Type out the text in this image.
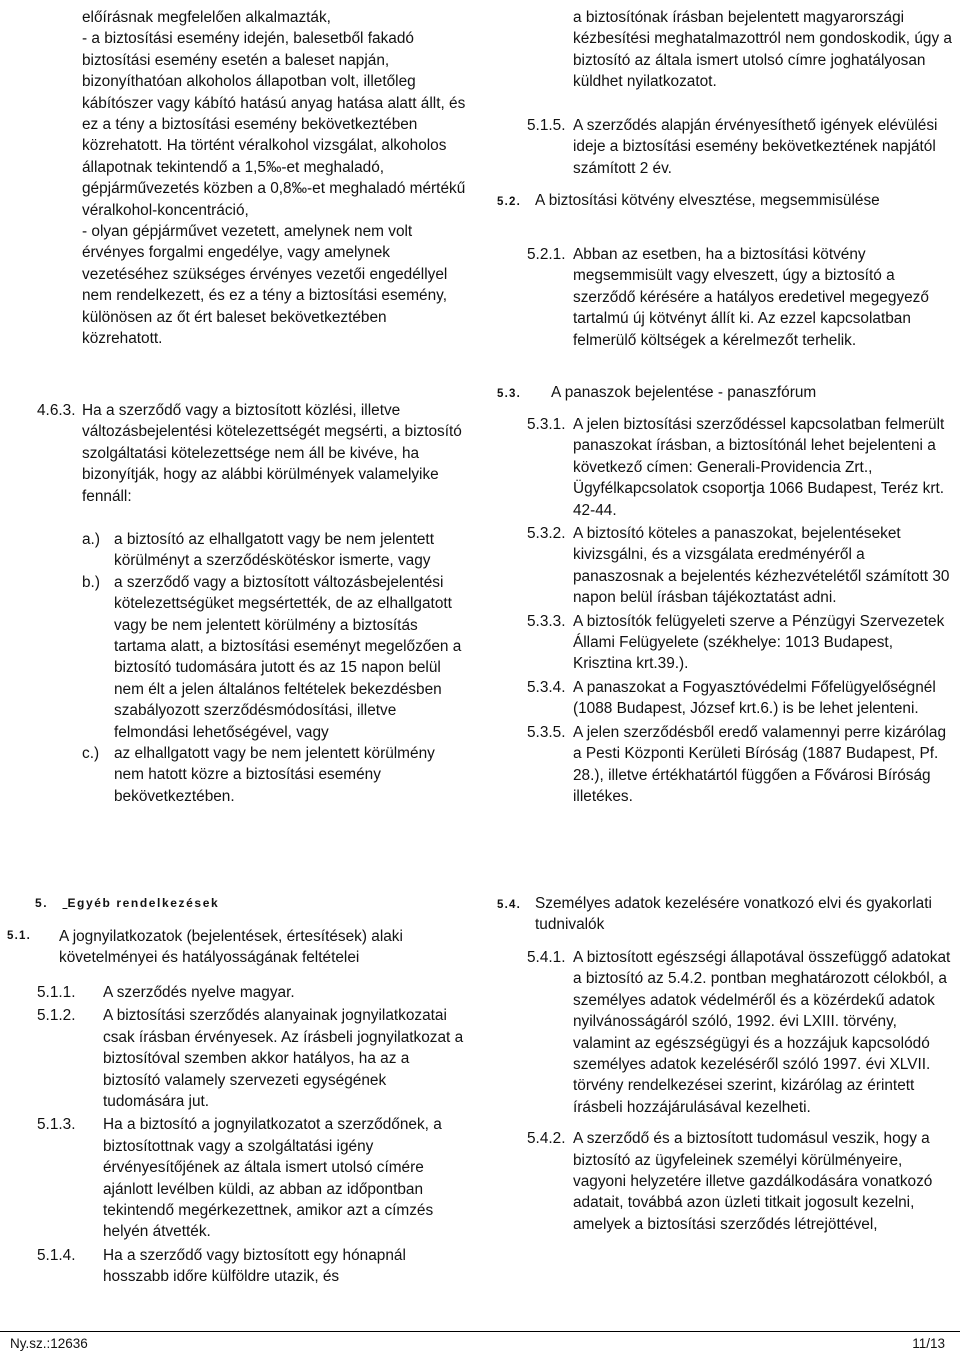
előírásnak megfelelően alkalmazták,
- a biztosítási esemény idején, balesetből fakadó biztosítási esemény esetén a baleset napján, bizonyíthatóan alkoholos állapotban volt, illetőleg kábítószer vagy kábító hatású anyag hatása alatt állt, és ez a tény a biztosítási esemény bekövetkeztében közrehatott. Ha történt véralkohol vizsgálat, alkoholos állapotnak tekintendő a 1,5‰-et meghaladó, gépjárművezetés közben a 0,8‰-et meghaladó mértékű véralkohol-koncentráció,
- olyan gépjárművet vezetett, amelynek nem volt érvényes forgalmi engedélye, vagy amelynek vezetéséhez szükséges érvényes vezetői engedéllyel nem rendelkezett, és ez a tény a biztosítási esemény, különösen az őt ért baleset bekövetkeztében közrehatott.
4.6.3. Ha a szerződő vagy a biztosított közlési, illetve változásbejelentési kötelezettségét megsérti, a biztosító szolgáltatási kötelezettsége nem áll be kivéve, ha bizonyítják, hogy az alábbi körülmények valamelyike fennáll:
a.) a biztosító az elhallgatott vagy be nem jelentett körülményt a szerződéskötéskor ismerte, vagy
b.) a szerződő vagy a biztosított változásbejelentési kötelezettségüket megsértették, de az elhallgatott vagy be nem jelentett körülmény a biztosítás tartama alatt, a biztosítási eseményt megelőzően a biztosító tudomására jutott és az 15 napon belül nem élt a jelen általános feltételek bekezdésben szabályozott szerződésmódosítási, illetve felmondási lehetőségével, vagy
c.) az elhallgatott vagy be nem jelentett körülmény nem hatott közre a biztosítási esemény bekövetkeztében.
5. Egyéb rendelkezések
5.1.	A jognyilatkozatok (bejelentések, értesítések) alaki követelményei és hatályosságának feltételei
5.1.1. A szerződés nyelve magyar.
5.1.2. A biztosítási szerződés alanyainak jognyilatkozatai csak írásban érvényesek. Az írásbeli jognyilatkozat a biztosítóval szemben akkor hatályos, ha az a biztosító valamely szervezeti egységének tudomására jut.
5.1.3. Ha a biztosító a jognyilatkozatot a szerződőnek, a biztosítottnak vagy a szolgáltatási igény érvényesítőjének az általa ismert utolsó címére ajánlott levélben küldi, az abban az időpontban tekintendő megérkezettnek, amikor azt a címzés helyén átvették.
5.1.4. Ha a szerződő vagy biztosított egy hónapnál hosszabb időre külföldre utazik, és
a biztosítónak írásban bejelentett magyarországi kézbesítési meghatalmazottról nem gondoskodik, úgy a biztosító az általa ismert utolsó címre joghatályosan küldhet nyilatkozatot.
5.1.5. A szerződés alapján érvényesíthető igények elévülési ideje a biztosítási esemény bekövetkeztének napjától számított 2 év.
5.2. A biztosítási kötvény elvesztése, megsemmisülése
5.2.1. Abban az esetben, ha a biztosítási kötvény megsemmisült vagy elveszett, úgy a biztosító a szerződő kérésére a hatályos eredetivel megegyező tartalmú új kötvényt állít ki. Az ezzel kapcsolatban felmerülő költségek a kérelmezőt terhelik.
5.3.	A panaszok bejelentése - panaszfórum
5.3.1. A jelen biztosítási szerződéssel kapcsolatban felmerült panaszokat írásban, a biztosítónál lehet bejelenteni a következő címen: Generali-Providencia Zrt., Ügyfélkapcsolatok csoportja 1066 Budapest, Teréz krt. 42-44.
5.3.2. A biztosító köteles a panaszokat, bejelentéseket kivizsgálni, és a vizsgálata eredményéről a panaszosnak a bejelentés kézhezvételétől számított 30 napon belül írásban tájékoztatást adni.
5.3.3. A biztosítók felügyeleti szerve a Pénzügyi Szervezetek Állami Felügyelete (székhelye: 1013 Budapest, Krisztina krt.39.).
5.3.4. A panaszokat a Fogyasztóvédelmi Főfelügyelőségnél (1088 Budapest, József krt.6.) is be lehet jelenteni.
5.3.5. A jelen szerződésből eredő valamennyi perre kizárólag a Pesti Központi Kerületi Bíróság (1887 Budapest, Pf. 28.), illetve értékhatártól függően a Fővárosi Bíróság illetékes.
5.4. Személyes adatok kezelésére vonatkozó elvi és gyakorlati tudnivalók
5.4.1. A biztosított egészségi állapotával összefüggő adatokat a biztosító az 5.4.2. pontban meghatározott célokból, a személyes adatok védelméről és a közérdekű adatok nyilvánosságáról szóló, 1992. évi LXIII. törvény, valamint az egészségügyi és a hozzájuk kapcsolódó személyes adatok kezeléséről szóló 1997. évi XLVII. törvény rendelkezései szerint, kizárólag az érintett írásbeli hozzájárulásával kezelheti.
5.4.2. A szerződő és a biztosított tudomásul veszik, hogy a biztosító az ügyfeleinek személyi körülményeire, vagyoni helyzetére illetve gazdálkodására vonatkozó adatait, továbbá azon üzleti titkait jogosult kezelni, amelyek a biztosítási szerződés létrejöttével,
Ny.sz.:12636	11/13
